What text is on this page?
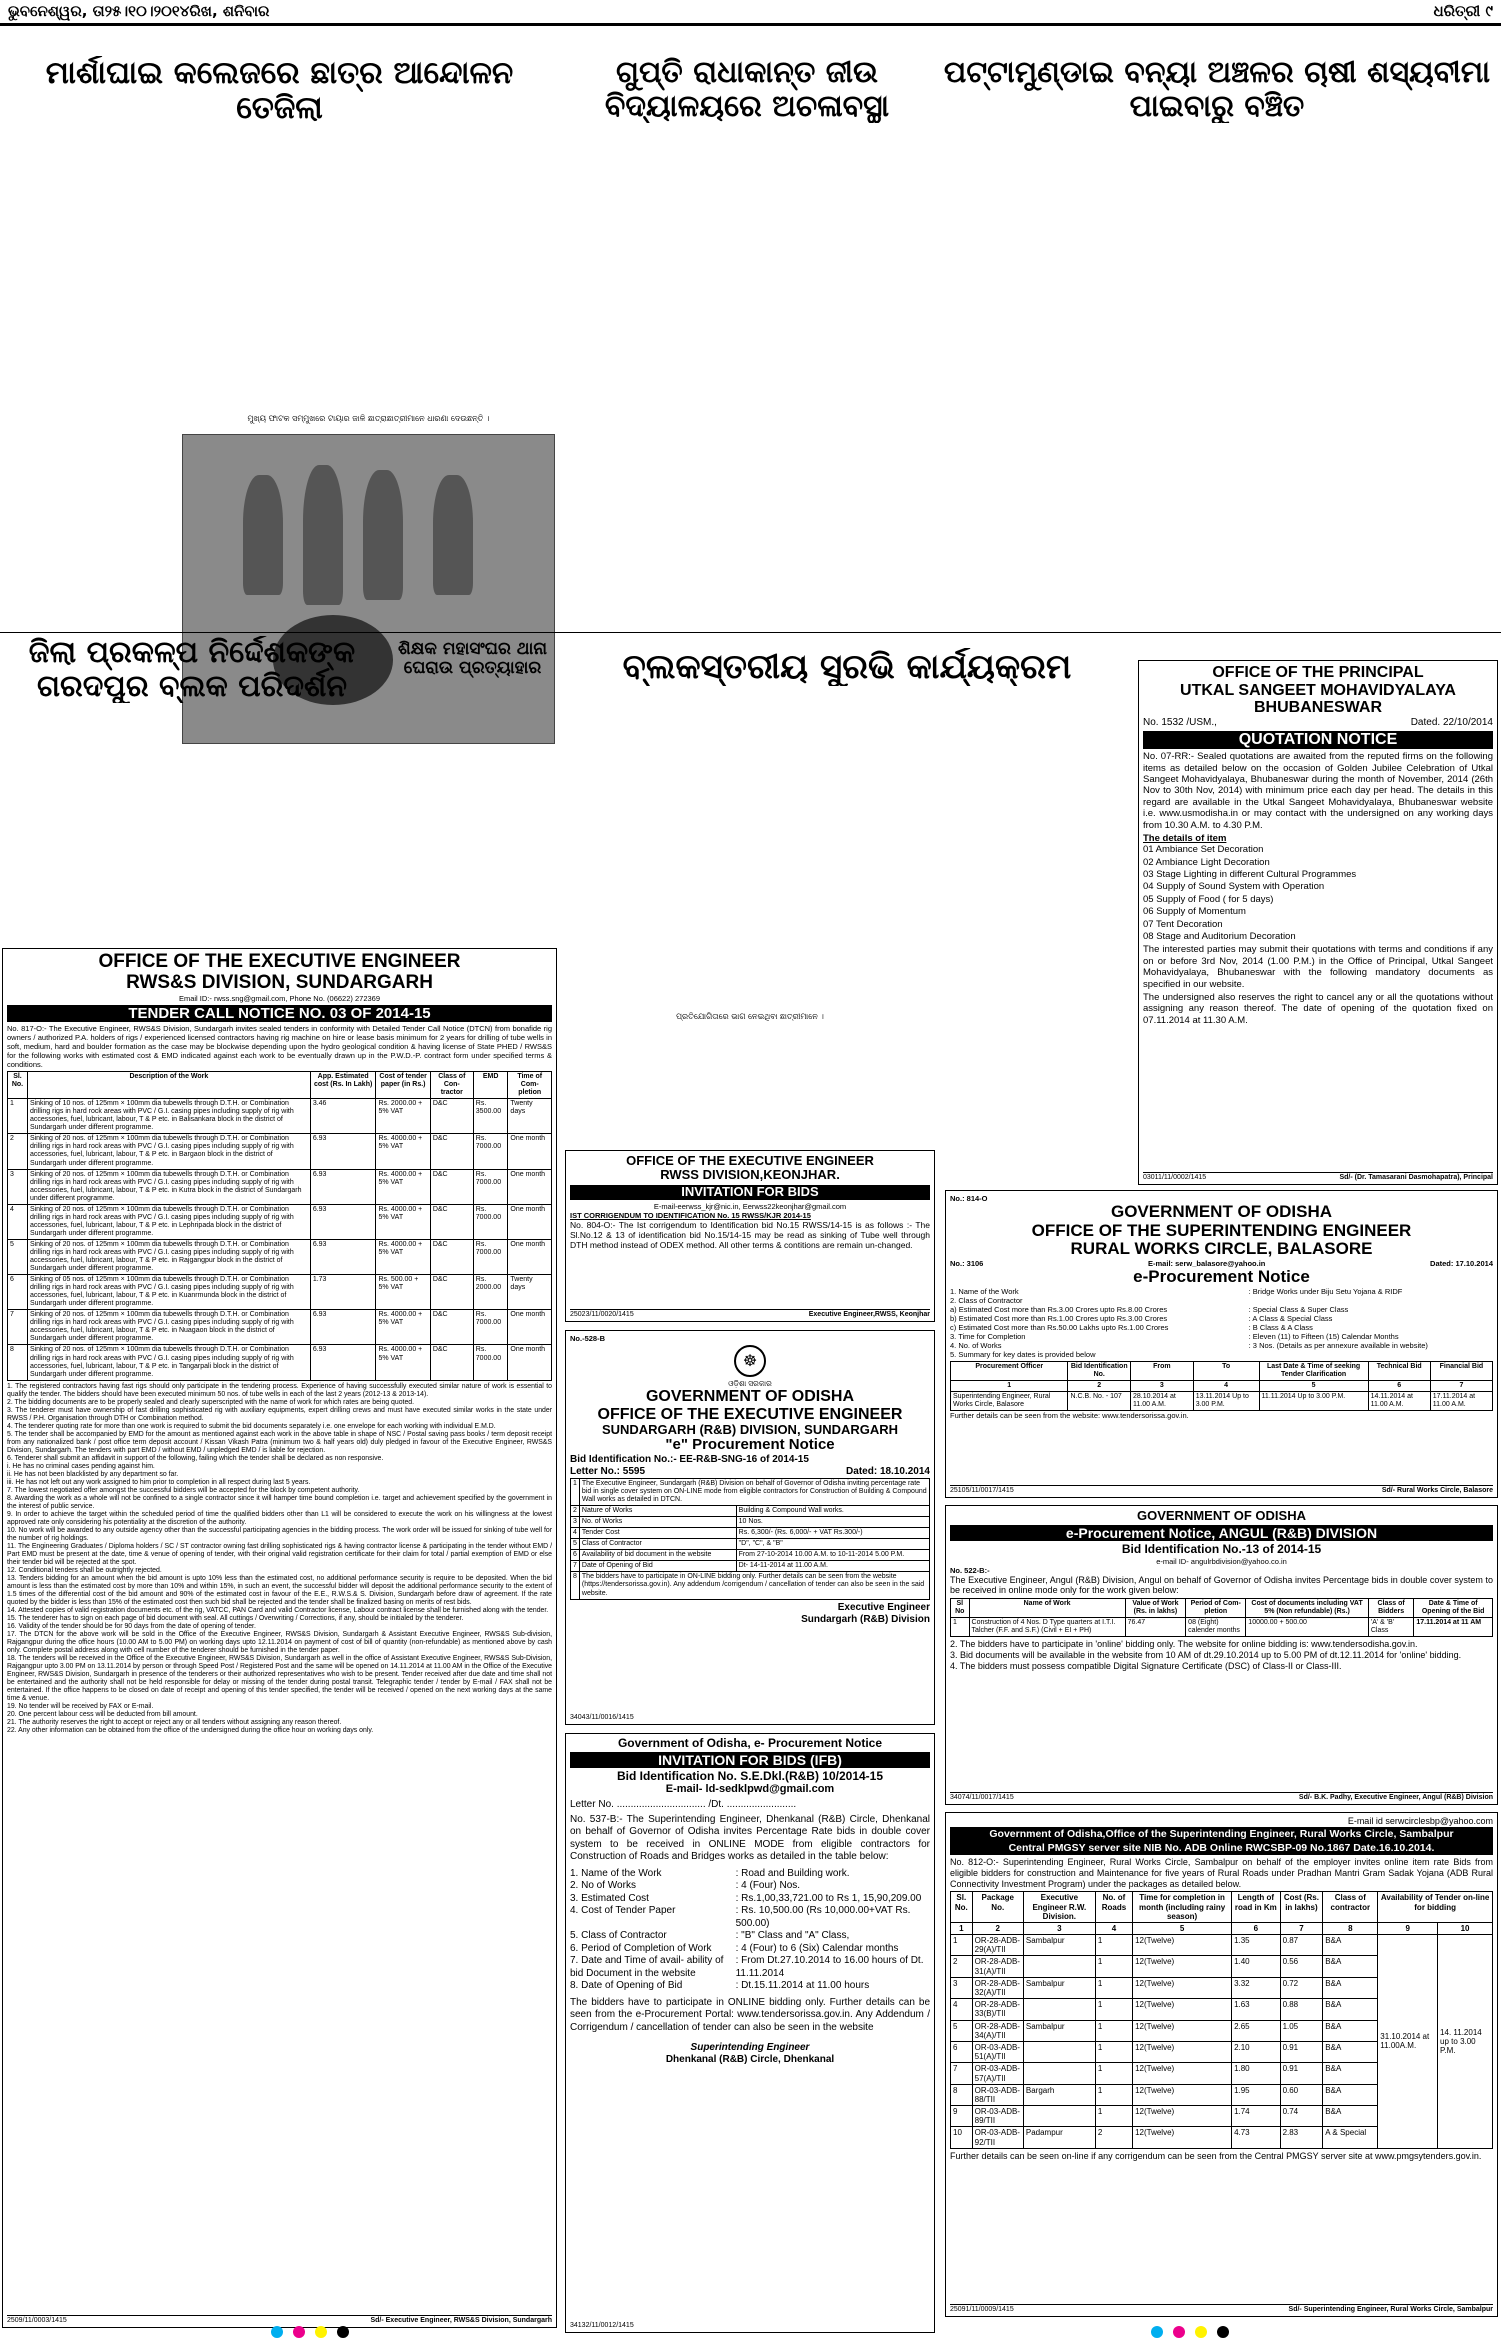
ଭୁବନେଶ୍ୱର, ତା୨୫।୧୦।୨୦୧୪ରିଖ, ଶନିବାର	ଧରିତ୍ରୀ ୯
ମାର୍ଶାଘାଇ କଲେଜରେ ଛାତ୍ର ଆନ୍ଦୋଳନ ତେଜିଲା
ମୁଖ୍ୟ ଫାଟକ ସମ୍ମୁଖରେ ଟାୟାର ଜାଳି ଛାତ୍ରାଛାତ୍ରୀମାନେ ଧାରଣା ଦେଉଛନ୍ତି ।
ଗୁପ୍ତି ରାଧାକାନ୍ତ ଜୀଉ ବିଦ୍ୟାଳୟରେ ଅଚଳାବସ୍ଥା
ପଟ୍ଟାମୁଣ୍ଡାଇ ବନ୍ୟା ଅଞ୍ଚଳର ଚାଷୀ ଶସ୍ୟବୀମା ପାଇବାରୁ ବଞ୍ଚିତ
ଜିଲା ପ୍ରକଳ୍ପ ନିର୍ଦ୍ଦେଶକଙ୍କ ଗରଦପୁର ବ୍ଲକ ପରିଦର୍ଶନ
ଶିକ୍ଷକ ମହାସଂଘର ଥାନା ଘେରାଉ ପ୍ରତ୍ୟାହାର	ବ୍ଲକସ୍ତରୀୟ ସୁରଭି କାର୍ଯ୍ୟକ୍ରମ
ପ୍ରତିଯୋଗିତାରେ ଭାଗ ନେଇଥିବା ଛାତ୍ରୀମାନେ ।
OFFICE OF THE EXECUTIVE ENGINEER
RWS&S DIVISION, SUNDARGARH
Email ID:- rwss.sng@gmail.com, Phone No. (06622) 272369
TENDER CALL NOTICE NO. 03 OF 2014-15
No. 817-O:- The Executive Engineer, RWS&S Division, Sundargarh invites sealed tenders in conformity with Detailed Tender Call Notice (DTCN) from bonafide rig owners / authorized P.A. holders of rigs / experienced licensed contractors having rig machine on hire or lease basis minimum for 2 years for drilling of tube wells in soft, medium, hard and boulder formation as the case may be blockwise depending upon the hydro geological condition & having license of State PHED / RWS&S for the following works with estimated cost & EMD indicated against each work to be eventually drawn up in the P.W.D.-P. contract form under specified terms & conditions.
Sl. No.	Description of the Work	App. Estimated cost (Rs. In Lakh)	Cost of tender paper (in Rs.)	Class of Con-tractor	EMD	Time of Com-pletion
1	Sinking of 10 nos. of 125mm × 100mm dia tubewells through D.T.H. or Combination drilling rigs in hard rock areas with PVC / G.I. casing pipes including supply of rig with accessories, fuel, lubricant, labour, T & P etc. in Balisankara block in the district of Sundargarh under different programme.	3.46	Rs. 2000.00 + 5% VAT	D&C	Rs. 3500.00	Twenty days
2	Sinking of 20 nos. of 125mm × 100mm dia tubewells through D.T.H. or Combination drilling rigs in hard rock areas with PVC / G.I. casing pipes including supply of rig with accessories, fuel, lubricant, labour, T & P etc. in Bargaon block in the district of Sundargarh under different programme.	6.93	Rs. 4000.00 + 5% VAT	D&C	Rs. 7000.00	One month
3	Sinking of 20 nos. of 125mm × 100mm dia tubewells through D.T.H. or Combination drilling rigs in hard rock areas with PVC / G.I. casing pipes including supply of rig with accessories, fuel, lubricant, labour, T & P etc. in Kutra block in the district of Sundargarh under different programme.	6.93	Rs. 4000.00 + 5% VAT	D&C	Rs. 7000.00	One month
4	Sinking of 20 nos. of 125mm × 100mm dia tubewells through D.T.H. or Combination drilling rigs in hard rock areas with PVC / G.I. casing pipes including supply of rig with accessories, fuel, lubricant, labour, T & P etc. in Lephripada block in the district of Sundargarh under different programme.	6.93	Rs. 4000.00 + 5% VAT	D&C	Rs. 7000.00	One month
5	Sinking of 20 nos. of 125mm × 100mm dia tubewells through D.T.H. or Combination drilling rigs in hard rock areas with PVC / G.I. casing pipes including supply of rig with accessories, fuel, lubricant, labour, T & P etc. in Rajgangpur block in the district of Sundargarh under different programme.	6.93	Rs. 4000.00 + 5% VAT	D&C	Rs. 7000.00	One month
6	Sinking of 05 nos. of 125mm × 100mm dia tubewells through D.T.H. or Combination drilling rigs in hard rock areas with PVC / G.I. casing pipes including supply of rig with accessories, fuel, lubricant, labour, T & P etc. in Kuanrmunda block in the district of Sundargarh under different programme.	1.73	Rs. 500.00 + 5% VAT	D&C	Rs. 2000.00	Twenty days
7	Sinking of 20 nos. of 125mm × 100mm dia tubewells through D.T.H. or Combination drilling rigs in hard rock areas with PVC / G.I. casing pipes including supply of rig with accessories, fuel, lubricant, labour, T & P etc. in Nuagaon block in the district of Sundargarh under different programme.	6.93	Rs. 4000.00 + 5% VAT	D&C	Rs. 7000.00	One month
8	Sinking of 20 nos. of 125mm × 100mm dia tubewells through D.T.H. or Combination drilling rigs in hard rock areas with PVC / G.I. casing pipes including supply of rig with accessories, fuel, lubricant, labour, T & P etc. in Tangarpali block in the district of Sundargarh under different programme.	6.93	Rs. 4000.00 + 5% VAT	D&C	Rs. 7000.00	One month
1. The registered contractors having fast rigs should only participate in the tendering process. Experience of having successfully executed similar nature of work is essential to qualify the tender. The bidders should have been executed minimum 50 nos. of tube wells in each of the last 2 years (2012-13 & 2013-14).
2. The bidding documents are to be properly sealed and clearly superscripted with the name of work for which rates are being quoted.
3. The tenderer must have ownership of fast drilling sophisticated rig with auxiliary equipments, expert drilling crews and must have executed similar works in the state under RWSS / P.H. Organisation through DTH or Combination method.
4. The tenderer quoting rate for more than one work is required to submit the bid documents separately i.e. one envelope for each working with individual E.M.D.
5. The tender shall be accompanied by EMD for the amount as mentioned against each work in the above table in shape of NSC / Postal saving pass books / term deposit receipt from any nationalized bank / post office term deposit account / Kissan Vikash Patra (minimum two & half years old) duly pledged in favour of the Executive Engineer, RWS&S Division, Sundargarh. The tenders with part EMD / without EMD / unpledged EMD / is liable for rejection.
6. Tenderer shall submit an affidavit in support of the following, failing which the tender shall be declared as non responsive.
i. He has no criminal cases pending against him.
ii. He has not been blacklisted by any department so far.
iii. He has not left out any work assigned to him prior to completion in all respect during last 5 years.
7. The lowest negotiated offer amongst the successful bidders will be accepted for the block by competent authority.
8. Awarding the work as a whole will not be confined to a single contractor since it will hamper time bound completion i.e. target and achievement specified by the government in the interest of public service.
9. In order to achieve the target within the scheduled period of time the qualified bidders other than L1 will be considered to execute the work on his willingness at the lowest approved rate only considering his potentiality at the discretion of the authority.
10. No work will be awarded to any outside agency other than the successful participating agencies in the bidding process. The work order will be issued for sinking of tube well for the number of rig holdings.
11. The Engineering Graduates / Diploma holders / SC / ST contractor owning fast drilling sophisticated rigs & having contractor license & participating in the tender without EMD / Part EMD must be present at the date, time & venue of opening of tender, with their original valid registration certificate for their claim for total / partial exemption of EMD or else their tender bid will be rejected at the spot.
12. Conditional tenders shall be outrightly rejected.
13. Tenders bidding for an amount when the bid amount is upto 10% less than the estimated cost, no additional performance security is require to be deposited. When the bid amount is less than the estimated cost by more than 10% and within 15%, in such an event, the successful bidder will deposit the additional performance security to the extent of 1.5 times of the differential cost of the bid amount and 90% of the estimated cost in favour of the E.E., R.W.S.& S. Division, Sundargarh before draw of agreement. If the rate quoted by the bidder is less than 15% of the estimated cost then such bid shall be rejected and the tender shall be finalized basing on merits of rest bids.
14. Attested copies of valid registration documents etc. of the rig, VATCC, PAN Card and valid Contractor license, Labour contract license shall be furnished along with the tender.
15. The tenderer has to sign on each page of bid document with seal. All cuttings / Overwriting / Corrections, if any, should be initialed by the tenderer.
16. Validity of the tender should be for 90 days from the date of opening of tender.
17. The DTCN for the above work will be sold in the Office of the Executive Engineer, RWS&S Division, Sundargarh & Assistant Executive Engineer, RWS&S Sub-division, Rajgangpur during the office hours (10.00 AM to 5.00 PM) on working days upto 12.11.2014 on payment of cost of bill of quantity (non-refundable) as mentioned above by cash only. Complete postal address along with cell number of the tenderer should be furnished in the tender paper.
18. The tenders will be received in the Office of the Executive Engineer, RWS&S Division, Sundargarh as well in the office of Assistant Executive Engineer, RWS&S Sub-Division, Rajgangpur upto 3.00 PM on 13.11.2014 by person or through Speed Post / Registered Post and the same will be opened on 14.11.2014 at 11.00 AM in the Office of the Executive Engineer, RWS&S Division, Sundargarh in presence of the tenderers or their authorized representatives who wish to be present. Tender received after due date and time shall not be entertained and the authority shall not be held responsible for delay or missing of the tender during postal transit. Telegraphic tender / tender by E-mail / FAX shall not be entertained. If the office happens to be closed on date of receipt and opening of this tender specified, the tender will be received / opened on the next working days at the same time & venue.
19. No tender will be received by FAX or E-mail.
20. One percent labour cess will be deducted from bill amount.
21. The authority reserves the right to accept or reject any or all tenders without assigning any reason thereof.
22. Any other information can be obtained from the office of the undersigned during the office hour on working days only.
2509/11/0003/1415	Sd/- Executive Engineer, RWS&S Division, Sundargarh
OFFICE OF THE EXECUTIVE ENGINEER
RWSS DIVISION,KEONJHAR.
INVITATION FOR BIDS
E-mail-eerwss_kjr@nic.in, Eerwss22keonjhar@gmail.com
IST CORRIGENDUM TO IDENTIFICATION No. 15 RWSS/KJR 2014-15
No. 804-O:- The Ist corrigendum to Identification bid No.15 RWSS/14-15 is as follows :- The Sl.No.12 & 13 of identification bid No.15/14-15 may be read as sinking of Tube well through DTH method instead of ODEX method. All other terms & contitions are remain un-changed.
25023/11/0020/1415	Executive Engineer,RWSS, Keonjhar
No.-528-B
☸
ଓଡ଼ିଶା ସରକାର
GOVERNMENT OF ODISHA
OFFICE OF THE EXECUTIVE ENGINEER
SUNDARGARH (R&B) DIVISION, SUNDARGARH
"e" Procurement Notice
Bid Identification No.:- EE-R&B-SNG-16 of 2014-15
Letter No.: 5595	Dated: 18.10.2014
1	The Executive Engineer, Sundargarh (R&B) Division on behalf of Governor of Odisha inviting percentage rate bid in single cover system on ON-LINE mode from eligible contractors for Construction of Building & Compound Wall works as detailed in DTCN.	
2	Nature of Works	Building & Compound Wall works.
3	No. of Works	10 Nos.
4	Tender Cost	Rs. 6,300/- (Rs. 6,000/- + VAT Rs.300/-)
5	Class of Contractor	"D", "C", & "B"
6	Availability of bid document in the website	From 27-10-2014 10.00 A.M. to 10-11-2014 5.00 P.M.
7	Date of Opening of Bid	Dt- 14-11-2014 at 11.00 A.M.
8	The bidders have to participate in ON-LINE bidding only. Further details can be seen from the website (https://tendersorissa.gov.in). Any addendum /corrigendum / cancellation of tender can also be seen in the said website.	
Executive Engineer
Sundargarh (R&B) Division
34043/11/0016/1415
Government of Odisha, e- Procurement Notice
INVITATION FOR BIDS (IFB)
Bid Identification No. S.E.Dkl.(R&B) 10/2014-15
E-mail- ld-sedklpwd@gmail.com
Letter No. ................................ /Dt. .........................
No. 537-B:- The Superintending Engineer, Dhenkanal (R&B) Circle, Dhenkanal on behalf of Governor of Odisha invites Percentage Rate bids in double cover system to be received in ONLINE MODE from eligible contractors for Construction of Roads and Bridges works as detailed in the table below:
1. Name of the Work	: Road and Building work.
2. No of Works	: 4 (Four) Nos.
3. Estimated Cost	: Rs.1,00,33,721.00 to Rs 1, 15,90,209.00
4. Cost of Tender Paper	: Rs. 10,500.00 (Rs 10,000.00+VAT Rs. 500.00)
5. Class of Contractor	: "B" Class and "A" Class,
6. Period of Completion of Work	: 4 (Four) to 6 (Six) Calendar months
7. Date and Time of avail- ability of bid Document in the website
: From Dt.27.10.2014 to 16.00 hours of Dt. 11.11.2014
8. Date of Opening of Bid	: Dt.15.11.2014 at 11.00 hours
The bidders have to participate in ONLINE bidding only. Further details can be seen from the e-Procurement Portal: www.tendersorissa.gov.in. Any Addendum / Corrigendum / cancellation of tender can also be seen in the website
Superintending Engineer
Dhenkanal (R&B) Circle, Dhenkanal
34132/11/0012/1415
OFFICE OF THE PRINCIPAL
UTKAL SANGEET MOHAVIDYALAYA
BHUBANESWAR
No. 1532 /USM.,	Dated. 22/10/2014
QUOTATION NOTICE
No. 07-RR:- Sealed quotations are awaited from the reputed firms on the following items as detailed below on the occasion of Golden Jubilee Celebration of Utkal Sangeet Mohavidyalaya, Bhubaneswar during the month of November, 2014 (26th Nov to 30th Nov, 2014) with minimum price each day per head. The details in this regard are available in the Utkal Sangeet Mohavidyalaya, Bhubaneswar website i.e. www.usmodisha.in or may contact with the undersigned on any working days from 10.30 A.M. to 4.30 P.M.
The details of item
01 Ambiance Set Decoration
02 Ambiance Light Decoration
03 Stage Lighting in different Cultural Programmes
04 Supply of Sound System with Operation
05 Supply of Food ( for 5 days)
06 Supply of Momentum
07 Tent Decoration
08 Stage and Auditorium Decoration
The interested parties may submit their quotations with terms and conditions if any on or before 3rd Nov, 2014 (1.00 P.M.) in the Office of Principal, Utkal Sangeet Mohavidyalaya, Bhubaneswar with the following mandatory documents as specified in our website.
The undersigned also reserves the right to cancel any or all the quotations without assigning any reason thereof. The date of opening of the quotation fixed on 07.11.2014 at 11.30 A.M.
03011/11/0002/1415	Sd/- (Dr. Tamasarani Dasmohapatra), Principal
No.: 814-O
GOVERNMENT OF ODISHA
OFFICE OF THE SUPERINTENDING ENGINEER
RURAL WORKS CIRCLE, BALASORE
No.: 3106	E-mail: serw_balasore@yahoo.in	Dated: 17.10.2014
e-Procurement Notice
1. Name of the Work	: Bridge Works under Biju Setu Yojana & RIDF
2. Class of Contractor
a) Estimated Cost more than Rs.3.00 Crores upto Rs.8.00 Crores	: Special Class & Super Class
b) Estimated Cost more than Rs.1.00 Crores upto Rs.3.00 Crores	: A Class & Special Class
c) Estimated Cost more than Rs.50.00 Lakhs upto Rs.1.00 Crores	: B Class & A Class
3. Time for Completion	: Eleven (11) to Fifteen (15) Calendar Months
4. No. of Works	: 3 Nos. (Details as per annexure available in website)
5. Summary for key dates is provided below
Procurement Officer	Bid Identification No.	From	To	Last Date & Time of seeking Tender Clarification	Technical Bid	Financial Bid
1	2	3	4	5	6	7
Superintending Engineer, Rural Works Circle, Balasore	N.C.B. No. - 107	28.10.2014 at 11.00 A.M.	13.11.2014 Up to 3.00 P.M.	11.11.2014 Up to 3.00 P.M.	14.11.2014 at 11.00 A.M.	17.11.2014 at 11.00 A.M.
Further details can be seen from the website: www.tendersorissa.gov.in.
25105/11/0017/1415	Sd/- Rural Works Circle, Balasore
GOVERNMENT OF ODISHA
e-Procurement Notice, ANGUL (R&B) DIVISION
Bid Identification No.-13 of 2014-15
e-mail ID- angulrbdivision@yahoo.co.in
No. 522-B:-
The Executive Engineer, Angul (R&B) Division, Angul on behalf of Governor of Odisha invites Percentage bids in double cover system to be received in online mode only for the work given below:
Sl No	Name of Work	Value of Work (Rs. in lakhs)	Period of Com-pletion	Cost of documents including VAT 5% (Non refundable) (Rs.)	Class of Bidders	Date & Time of Opening of the Bid
1	Construction of 4 Nos. D Type quarters at I.T.I. Talcher (F.F. and S.F.) (Civil + EI + PH)	76.47	08 (Eight) calender months	10000.00 + 500.00	'A' & 'B' Class	17.11.2014 at 11 AM
2. The bidders have to participate in 'online' bidding only. The website for online bidding is: www.tendersodisha.gov.in.
3. Bid documents will be available in the website from 10 AM of dt.29.10.2014 up to 5.00 PM of dt.12.11.2014 for 'online' bidding.
4. The bidders must possess compatible Digital Signature Certificate (DSC) of Class-II or Class-III.
34074/11/0017/1415	Sd/- B.K. Padhy, Executive Engineer, Angul (R&B) Division
E-mail id serwcirclesbp@yahoo.com
Government of Odisha,Office of the Superintending Engineer, Rural Works Circle, Sambalpur
Central PMGSY server site NIB No. ADB Online RWCSBP-09 No.1867 Date.16.10.2014.
No. 812-O:- Superintending Engineer, Rural Works Circle, Sambalpur on behalf of the employer invites online item rate Bids from eligible bidders for construction and Maintenance for five years of Rural Roads under Pradhan Mantri Gram Sadak Yojana (ADB Rural Connectivity Investment Program) under the packages as detailed below.
Sl. No.	Package No.	Executive Engineer R.W. Division.	No. of Roads	Time for completion in month (including rainy season)	Length of road in Km	Cost (Rs. in lakhs)	Class of contractor	Availability of Tender on-line for bidding	
1	2	3	4	5	6	7	8	9	10
1	OR-28-ADB-29(A)/TII	Sambalpur	1	12(Twelve)	1.35	0.87	B&A	31.10.2014 at 11.00A.M.	14. 11.2014 up to 3.00 P.M.
2	OR-28-ADB-31(A)/TII		1	12(Twelve)	1.40	0.56	B&A		
3	OR-28-ADB-32(A)/TII	Sambalpur	1	12(Twelve)	3.32	0.72	B&A		
4	OR-28-ADB-33(B)/TII		1	12(Twelve)	1.63	0.88	B&A		
5	OR-28-ADB-34(A)/TII	Sambalpur	1	12(Twelve)	2.65	1.05	B&A		
6	OR-03-ADB-51(A)/TII		1	12(Twelve)	2.10	0.91	B&A		
7	OR-03-ADB-57(A)/TII		1	12(Twelve)	1.80	0.91	B&A		
8	OR-03-ADB-88/TII	Bargarh	1	12(Twelve)	1.95	0.60	B&A		
9	OR-03-ADB-89/TII		1	12(Twelve)	1.74	0.74	B&A		
10	OR-03-ADB-92/TII	Padampur	2	12(Twelve)	4.73	2.83	A & Special		
Further details can be seen on-line if any corrigendum can be seen from the Central PMGSY server site at www.pmgsytenders.gov.in.
25091/11/0009/1415	Sd/- Superintending Engineer, Rural Works Circle, Sambalpur
